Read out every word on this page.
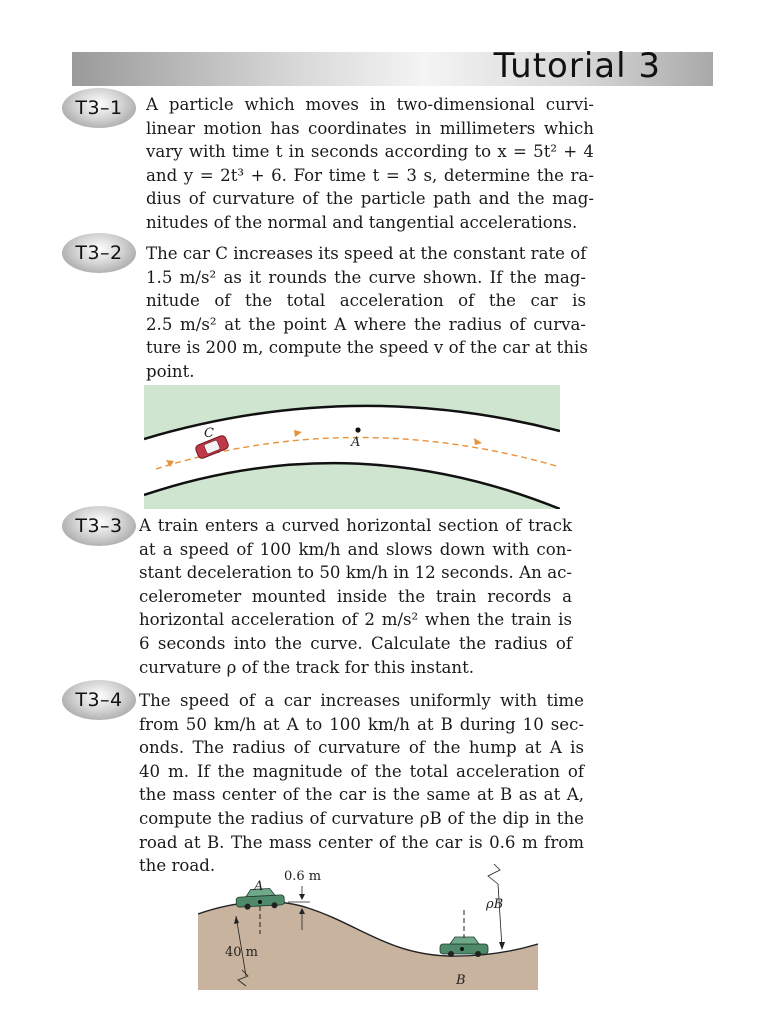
Tutorial 3
T3–1	A particle which moves in two-dimensional curvi-
linear motion has coordinates in millimeters which
vary with time t in seconds according to x = 5t² + 4
and y = 2t³ + 6. For time t = 3 s, determine the ra-
dius of curvature of the particle path and the mag-
nitudes of the normal and tangential accelerations.
T3–2	The car C increases its speed at the constant rate of
1.5 m/s² as it rounds the curve shown. If the mag-
nitude of the total acceleration of the car is
2.5 m/s² at the point A where the radius of curva-
ture is 200 m, compute the speed v of the car at this
point.
C
A
T3–3 A train enters a curved horizontal section of track
at a speed of 100 km/h and slows down with con-
stant deceleration to 50 km/h in 12 seconds. An ac-
celerometer mounted inside the train records a
horizontal acceleration of 2 m/s² when the train is
6 seconds into the curve. Calculate the radius of
curvature ρ of the track for this instant.
T3–4 The speed of a car increases uniformly with time
from 50 km/h at A to 100 km/h at B during 10 sec-
onds. The radius of curvature of the hump at A is
40 m. If the magnitude of the total acceleration of
the mass center of the car is the same at B as at A,
compute the radius of curvature ρB of the dip in the
road at B. The mass center of the car is 0.6 m from
the road.
A
0.6 m
40 m
ρB
B
